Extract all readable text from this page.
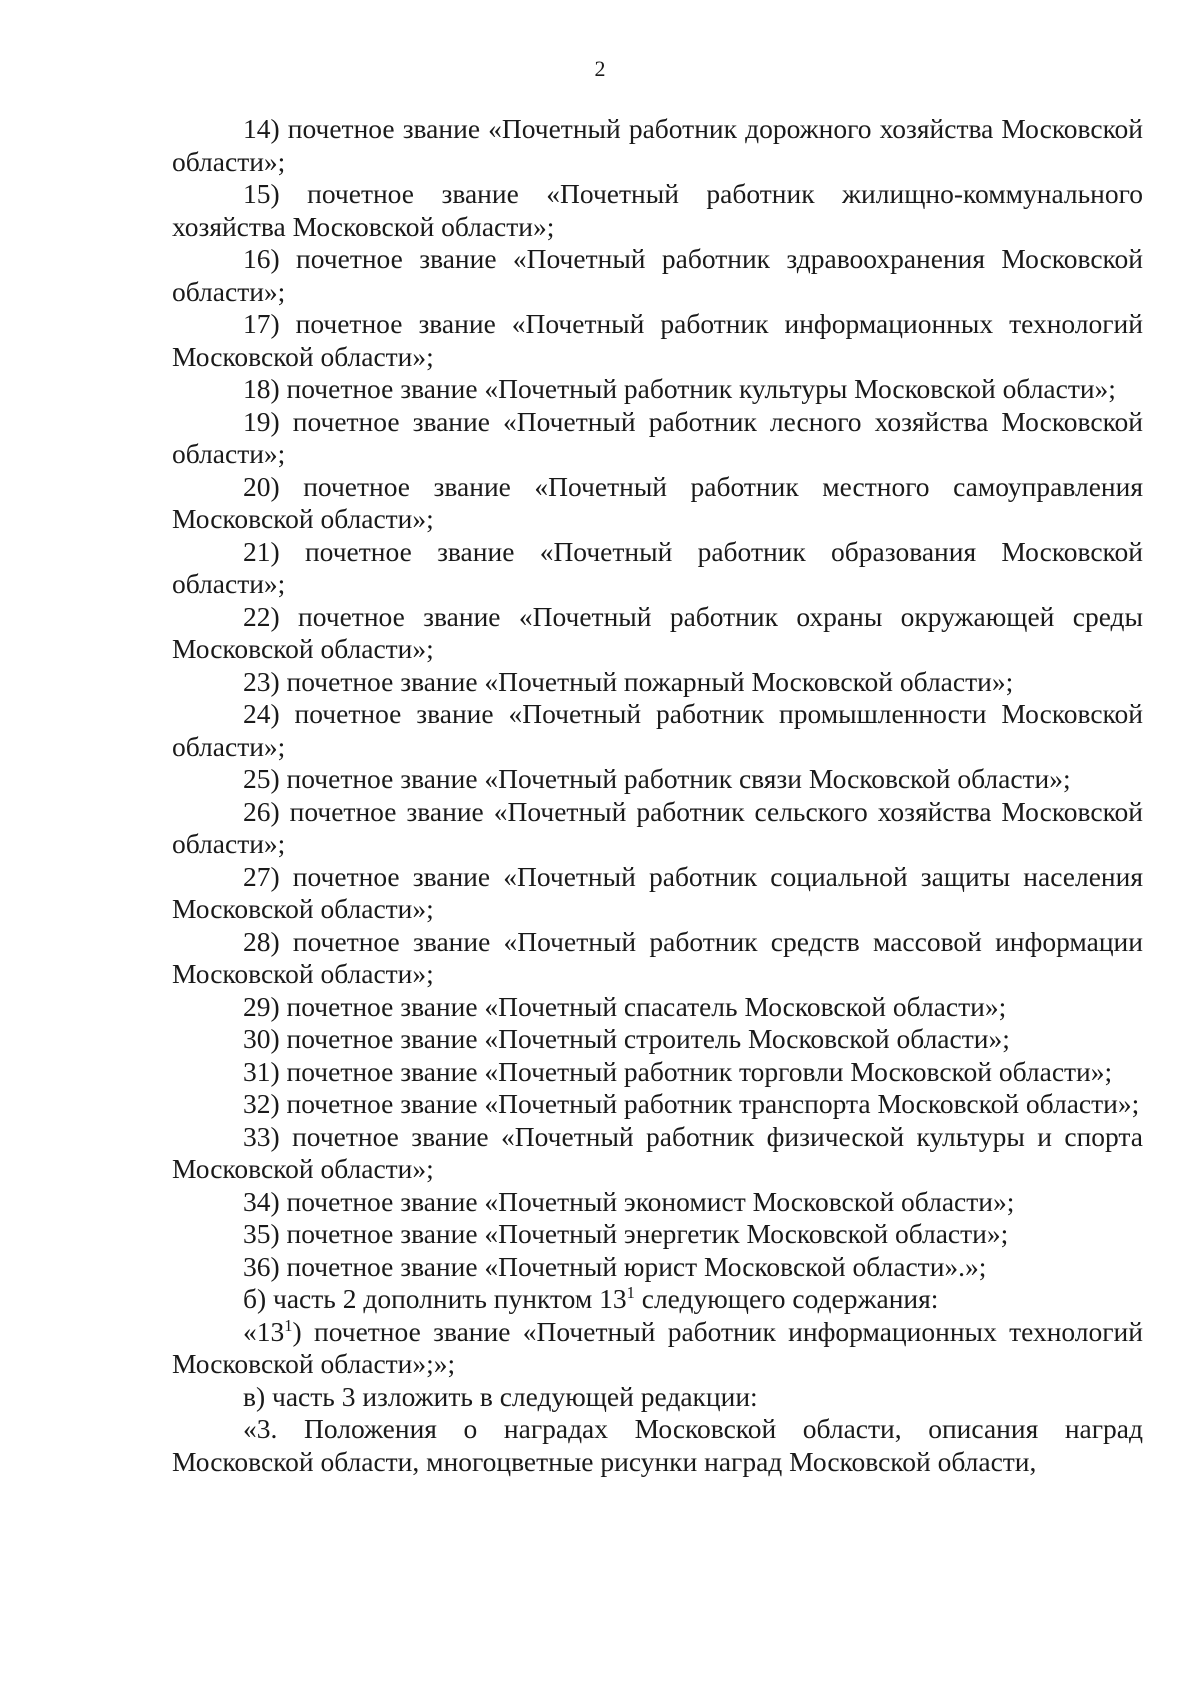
2

14) почетное звание «Почетный работник дорожного хозяйства Московской области»;

15) почетное звание «Почетный работник жилищно-коммунального хозяйства Московской области»;

16) почетное звание «Почетный работник здравоохранения Московской области»;

17) почетное звание «Почетный работник информационных технологий Московской области»;

18) почетное звание «Почетный работник культуры Московской области»;

19) почетное звание «Почетный работник лесного хозяйства Московской области»;

20) почетное звание «Почетный работник местного самоуправления Московской области»;

21) почетное звание «Почетный работник образования Московской области»;

22) почетное звание «Почетный работник охраны окружающей среды Московской области»;

23) почетное звание «Почетный пожарный Московской области»;

24) почетное звание «Почетный работник промышленности Московской области»;

25) почетное звание «Почетный работник связи Московской области»;

26) почетное звание «Почетный работник сельского хозяйства Московской области»;

27) почетное звание «Почетный работник социальной защиты населения Московской области»;

28) почетное звание «Почетный работник средств массовой информации Московской области»;

29) почетное звание «Почетный спасатель Московской области»;

30) почетное звание «Почетный строитель Московской области»;

31) почетное звание «Почетный работник торговли Московской области»;

32) почетное звание «Почетный работник транспорта Московской области»;

33) почетное звание «Почетный работник физической культуры и спорта Московской области»;

34) почетное звание «Почетный экономист Московской области»;

35) почетное звание «Почетный энергетик Московской области»;

36) почетное звание «Почетный юрист Московской области».»;

б) часть 2 дополнить пунктом $13^1$ следующего содержания:

«$13^1$) почетное звание «Почетный работник информационных технологий Московской области»;»;

в) часть 3 изложить в следующей редакции:

«3. Положения о наградах Московской области, описания наград Московской области, многоцветные рисунки наград Московской области,
